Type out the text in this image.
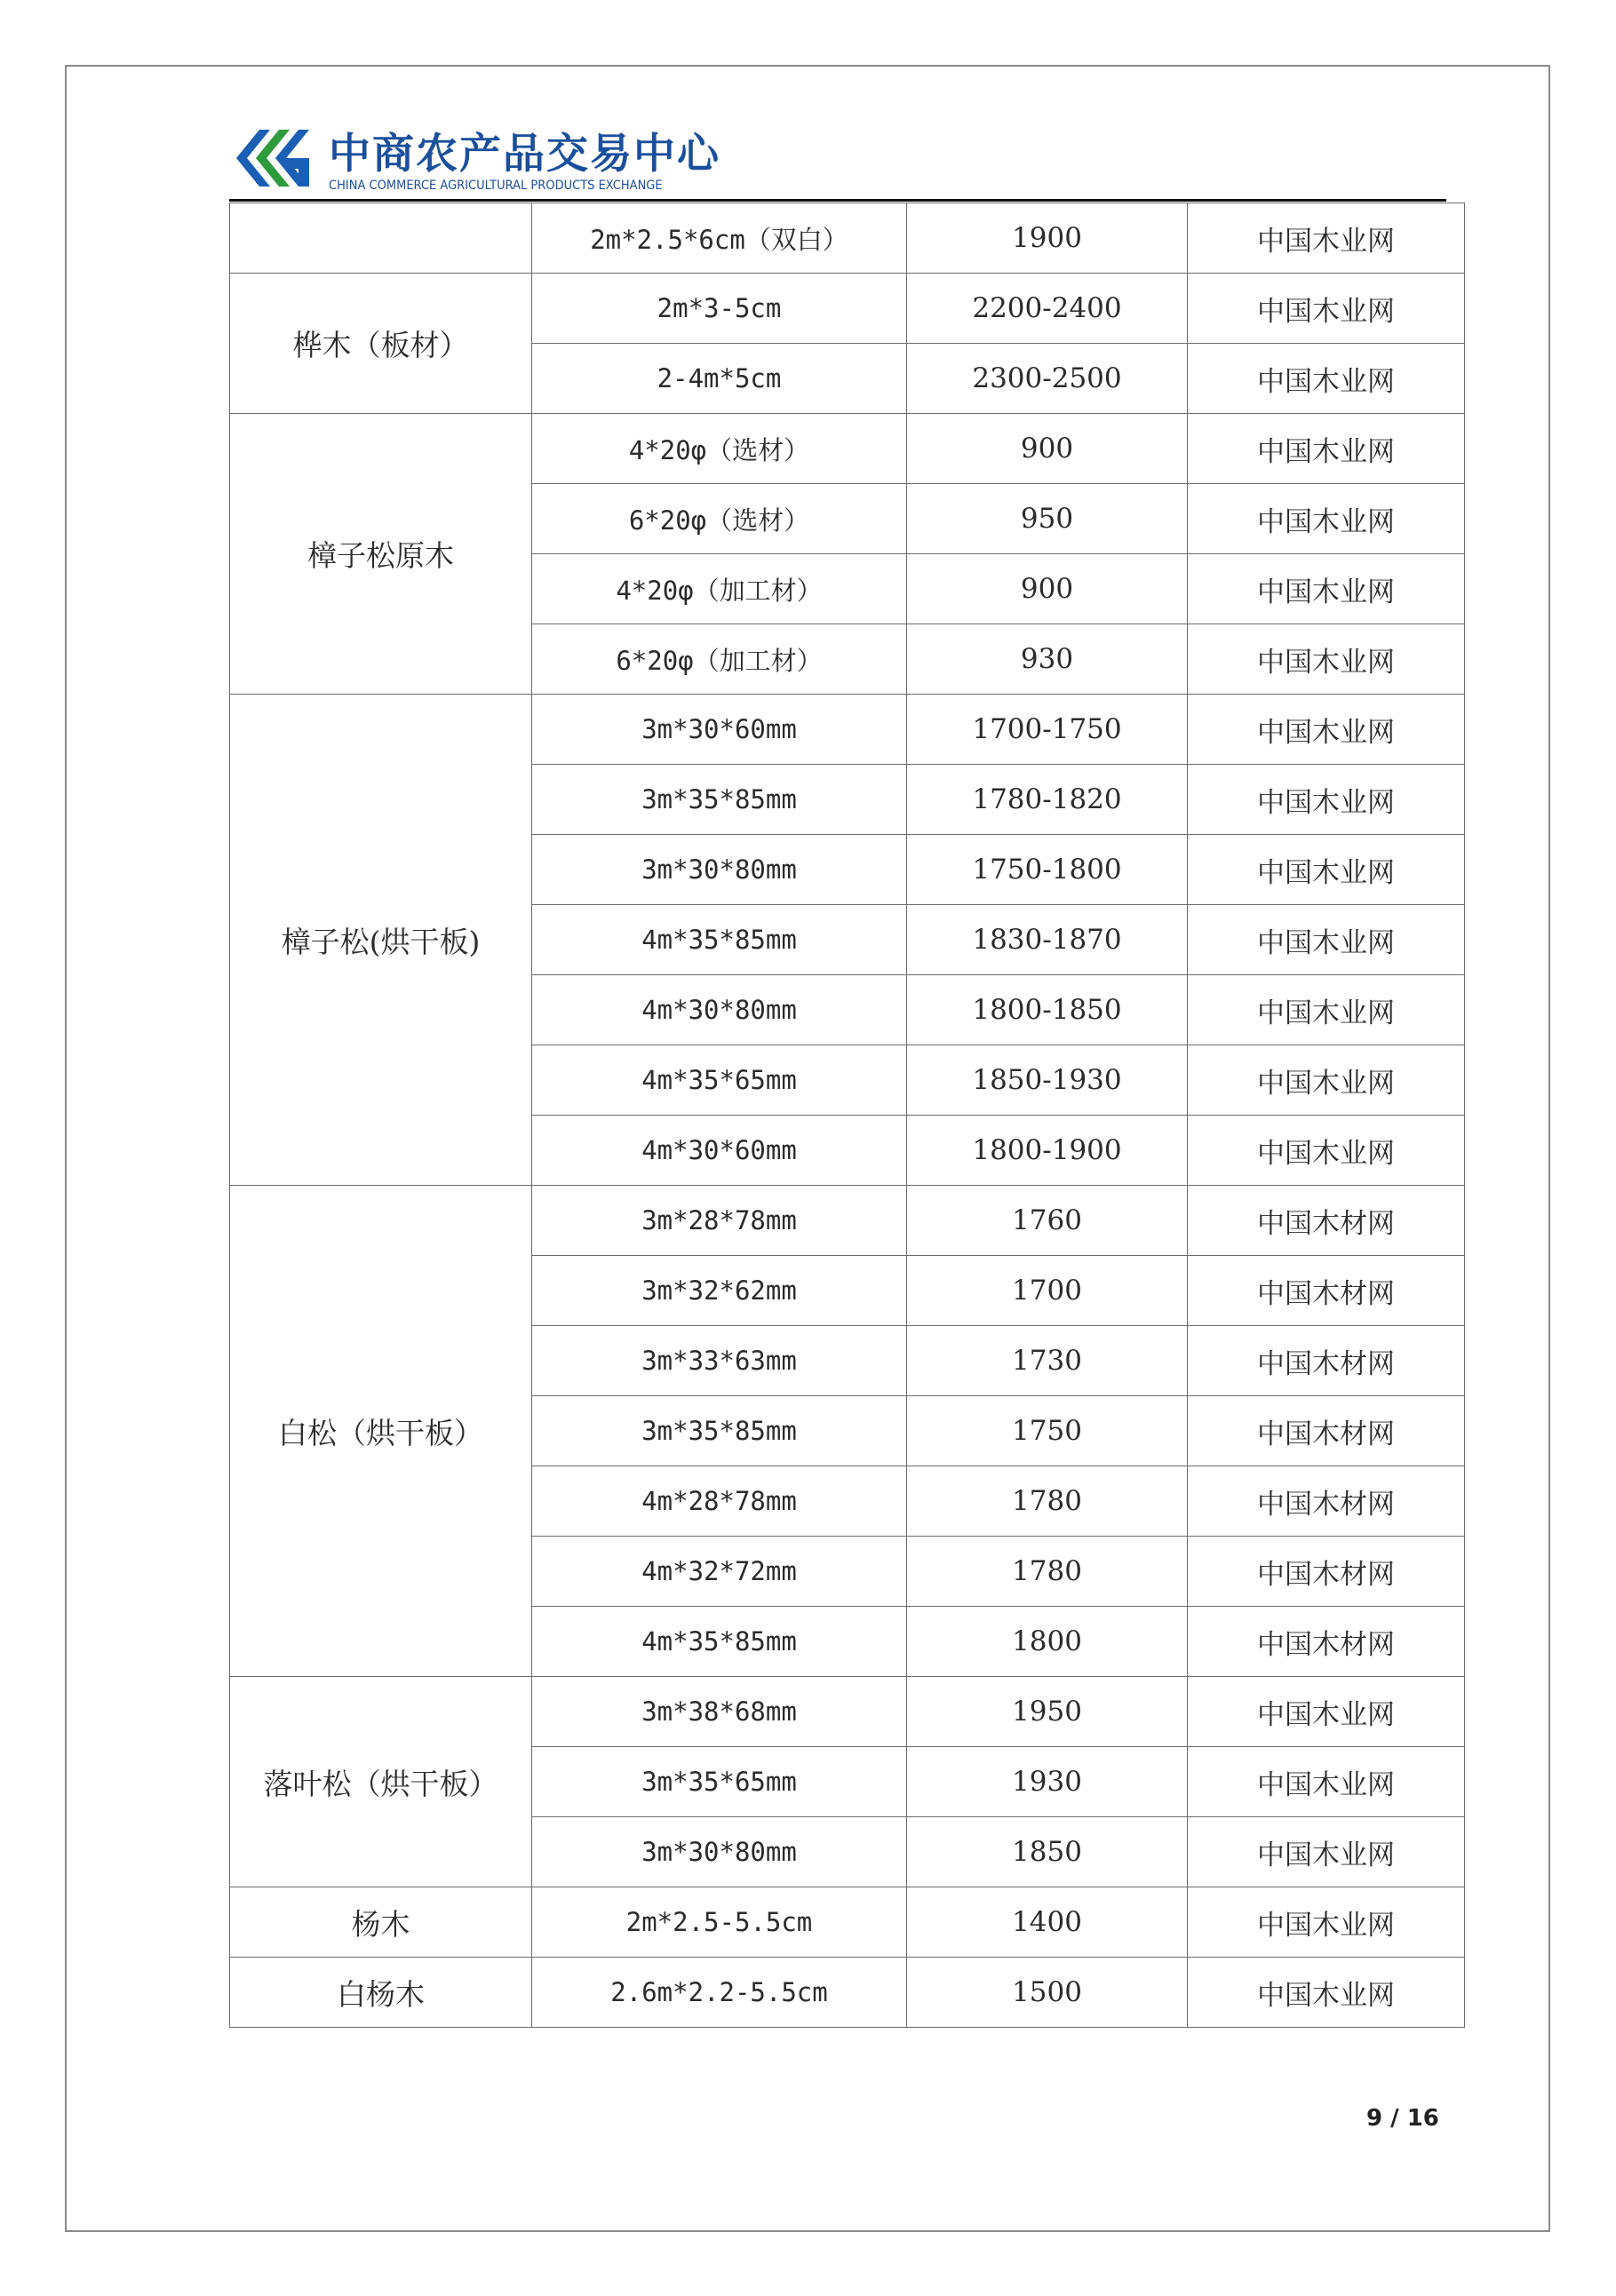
中商农产品交易中心
CHINA COMMERCE AGRICULTURAL PRODUCTS EXCHANGE
	2m*2.5*6cm（双白）	1900	中国木业网
桦木（板材）	2m*3-5cm	2200-2400	中国木业网
	2-4m*5cm	2300-2500	中国木业网
樟子松原木	4*20φ（选材）	900	中国木业网
	6*20φ（选材）	950	中国木业网
	4*20φ（加工材）	900	中国木业网
	6*20φ（加工材）	930	中国木业网
樟子松(烘干板)	3m*30*60mm	1700-1750	中国木业网
	3m*35*85mm	1780-1820	中国木业网
	3m*30*80mm	1750-1800	中国木业网
	4m*35*85mm	1830-1870	中国木业网
	4m*30*80mm	1800-1850	中国木业网
	4m*35*65mm	1850-1930	中国木业网
	4m*30*60mm	1800-1900	中国木业网
白松（烘干板）	3m*28*78mm	1760	中国木材网
	3m*32*62mm	1700	中国木材网
	3m*33*63mm	1730	中国木材网
	3m*35*85mm	1750	中国木材网
	4m*28*78mm	1780	中国木材网
	4m*32*72mm	1780	中国木材网
	4m*35*85mm	1800	中国木材网
落叶松（烘干板）	3m*38*68mm	1950	中国木业网
	3m*35*65mm	1930	中国木业网
	3m*30*80mm	1850	中国木业网
杨木	2m*2.5-5.5cm	1400	中国木业网
白杨木	2.6m*2.2-5.5cm	1500	中国木业网
9 / 16
